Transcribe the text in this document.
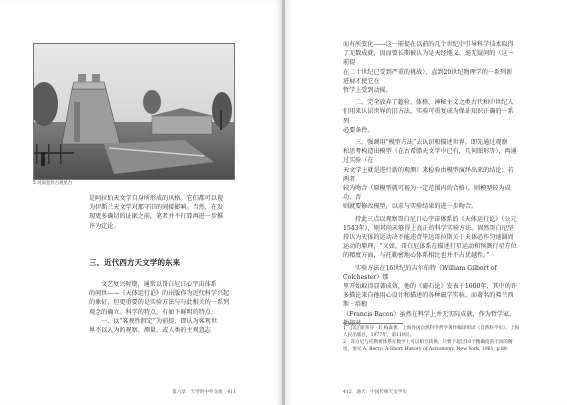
5 河南登封古观星台

是阿拉伯天文学自身所形成的风格。它们都可以视

为伊斯兰天文学对那守旧的间接影响。当然，在发

现更多确切的证据之前，笔者并不打算再进一步推

许为定论。

三、近代西方天文学的东来

文艺复兴时期，通常以哥白尼日心宇宙体系

的问世——《天体运行论》的出版作为近代科学兴起

的象征，但更重要的是实验方法与与此相关的一系列

观念的确立。科学的特点，有如下鲜明的特点：

一、以“客观性假定”为前提，即认为客观世

界不以人为的观察、测量、或人类的主观意志

第六章　天学的中外交流　411

而有所变化——这一前提在以前的几个世纪中引导科学技术取得

了无数成就，因而曾长期被认为是天经地义、毫无疑问的（这一前提

在二十世纪已受到严重的挑战），直到20世纪物理学的一系列新进展才使它在

哲学上受到动摇。

二、完全放弃了超验、体格、神秘主义之类古代和中世纪人

们用来认识世界的旧方法，实验可重复成为保证知识正确的一系列

必要条件。

三、强调用“模型方法”去认识和描述世界，即先通过观察

和思考构造出模型（在古希腊天文学中已有，几何图形等），再通过实验（在

天文学上就是进行新的观测）来检验由模型演绎出来的结论；若两者

较为吻合（原模型就可视为一定范围内的合格），则模型较为成功，否

则就要修改模型，以求与实验结果的进一步吻合。

持此三点以观察哥白尼日心宇宙体系的《天体运行论》（公元

1543年），则其尚未够得上真正的科学实验方法。固然哥白尼坚

持认为天体的运动决不能违背毕达哥拉斯关于天体必作匀速圆周

运动的原理，“又如，哥白尼体系在描述行星运动和预测行星方位

的精度方面，与托勒密地心体系相比也并不占优越性。”

实验方法在16世纪的吉尔伯特（William Gilbert of Colchester）那

里开始取得显著成效，他的《磁石论》发表于1600年，其中的许

多描论来自他用心设计和描述的各种磁学实验。而著名的弗兰西斯 · 培根

（Francis Bacon）虽然在科学上并无实际成就，作为哲学家，他却对

1　[美] 斯蒂芬 · F. 梅森著，上海外国自然科学哲学著作编译组译《自然科学史》。上海人民出版社，1977年，第119页。

2　哥白尼与托勒密体系在数学上可以相互转换，只要不超过10个精确度的不同的精度，参见 A. Berry: A Short History of Astronomy, New York, 1961, p.89.

412　通天：中国传统天文学史
